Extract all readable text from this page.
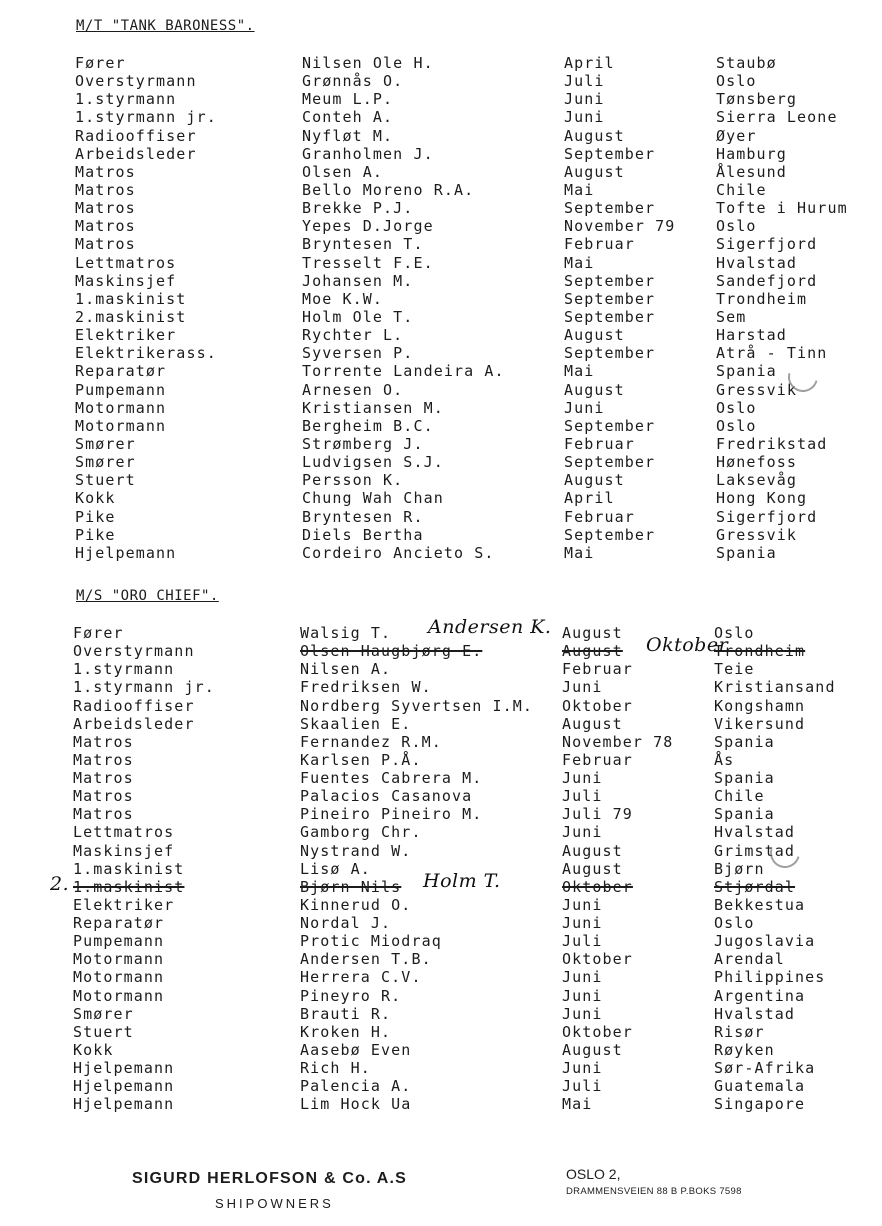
M/T "TANK BARONESS".
Fører	Nilsen Ole H.	April	Staubø
Overstyrmann	Grønnås O.	Juli	Oslo
1.styrmann	Meum L.P.	Juni	Tønsberg
1.styrmann jr.	Conteh A.	Juni	Sierra Leone
Radiooffiser	Nyfløt M.	August	Øyer
Arbeidsleder	Granholmen J.	September	Hamburg
Matros	Olsen A.	August	Ålesund
Matros	Bello Moreno R.A.	Mai	Chile
Matros	Brekke P.J.	September	Tofte i Hurum
Matros	Yepes D.Jorge	November 79	Oslo
Matros	Bryntesen T.	Februar	Sigerfjord
Lettmatros	Tresselt F.E.	Mai	Hvalstad
Maskinsjef	Johansen M.	September	Sandefjord
1.maskinist	Moe K.W.	September	Trondheim
2.maskinist	Holm Ole T.	September	Sem
Elektriker	Rychter L.	August	Harstad
Elektrikerass.	Syversen P.	September	Atrå - Tinn
Reparatør	Torrente Landeira A.	Mai	Spania
Pumpemann	Arnesen O.	August	Gressvik
Motormann	Kristiansen M.	Juni	Oslo
Motormann	Bergheim B.C.	September	Oslo
Smører	Strømberg J.	Februar	Fredrikstad
Smører	Ludvigsen S.J.	September	Hønefoss
Stuert	Persson K.	August	Laksevåg
Kokk	Chung Wah Chan	April	Hong Kong
Pike	Bryntesen R.	Februar	Sigerfjord
Pike	Diels Bertha	September	Gressvik
Hjelpemann	Cordeiro Ancieto S.	Mai	Spania
M/S "ORO CHIEF".
Fører	Walsig T.	August	Oslo
Andersen K.
Overstyrmann	Olsen Haugbjørg E.	August	Trondheim
Oktober
1.styrmann	Nilsen A.	Februar	Teie
1.styrmann jr.	Fredriksen W.	Juni	Kristiansand
Radiooffiser	Nordberg Syvertsen I.M. Oktober	Kongshamn
Arbeidsleder	Skaalien E.	August	Vikersund
Matros	Fernandez R.M.	November 78	Spania
Matros	Karlsen P.Å.	Februar	Ås
Matros	Fuentes Cabrera M.	Juni	Spania
Matros	Palacios Casanova	Juli	Chile
Matros	Pineiro Pineiro M.	Juli 79	Spania
Lettmatros	Gamborg Chr.	Juni	Hvalstad
Maskinsjef	Nystrand W.	August	Grimstad
1.maskinist	Lisø A.	August	Bjørn
1.maskinist	Bjørn Nils	Oktober	Stjørdal
2.	Holm T.
Elektriker	Kinnerud O.	Juni	Bekkestua
Reparatør	Nordal J.	Juni	Oslo
Pumpemann	Protic Miodraq	Juli	Jugoslavia
Motormann	Andersen T.B.	Oktober	Arendal
Motormann	Herrera C.V.	Juni	Philippines
Motormann	Pineyro R.	Juni	Argentina
Smører	Brauti R.	Juni	Hvalstad
Stuert	Kroken H.	Oktober	Risør
Kokk	Aasebø Even	August	Røyken
Hjelpemann	Rich H.	Juni	Sør-Afrika
Hjelpemann	Palencia A.	Juli	Guatemala
Hjelpemann	Lim Hock Ua	Mai	Singapore
SIGURD HERLOFSON & Co. A.S
SHIPOWNERS
OSLO 2,
DRAMMENSVEIEN 88 B P.BOKS 7598
